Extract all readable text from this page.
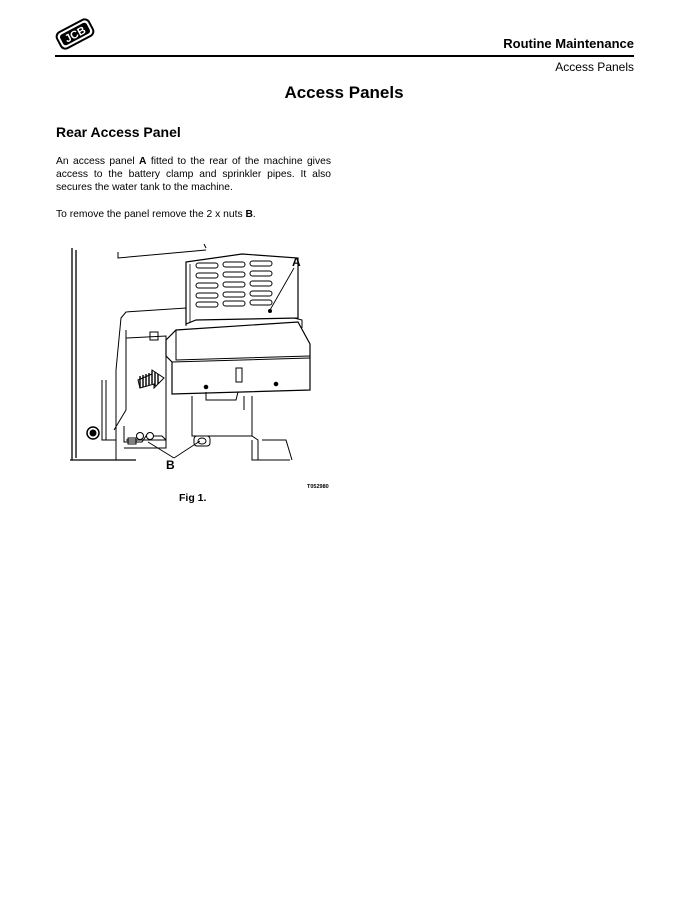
JCB	Routine Maintenance
Access Panels
Access Panels
Rear Access Panel
An access panel A fitted to the rear of the machine gives access to the battery clamp and sprinkler pipes. It also secures the water tank to the machine.
To remove the panel remove the 2 x nuts B.
A
B
T052980
Fig 1.
